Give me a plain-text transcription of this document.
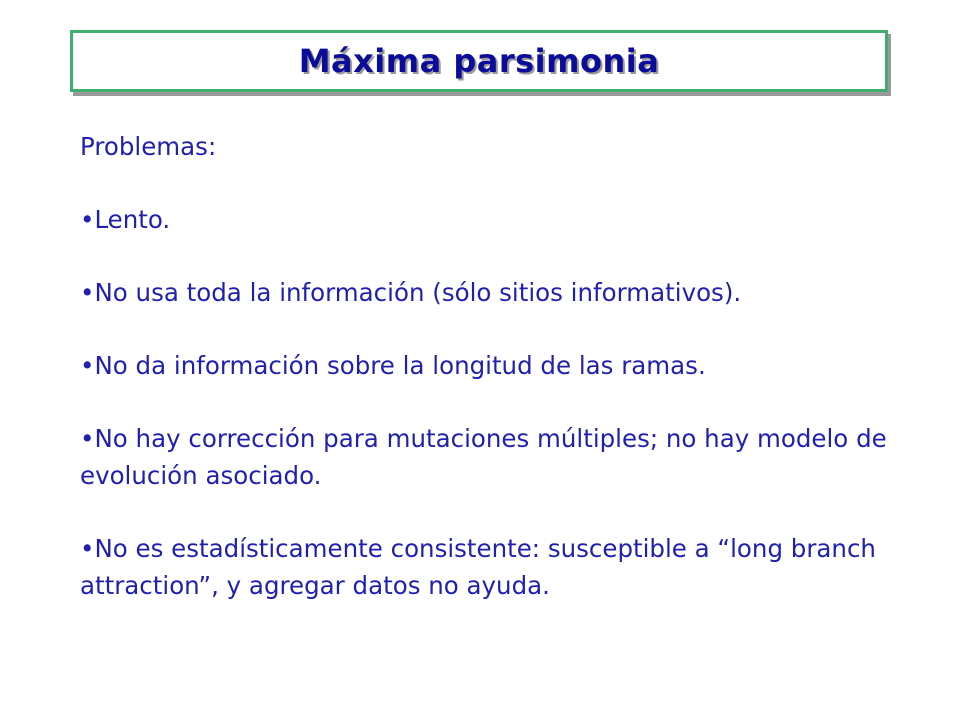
Máxima parsimonia

Problemas:

•Lento.

•No usa toda la información (sólo sitios informativos).

•No da información sobre la longitud de las ramas.

•No hay corrección para mutaciones múltiples; no hay modelo de evolución asociado.

•No es estadísticamente consistente: susceptible a “long branch attraction”, y agregar datos no ayuda.
